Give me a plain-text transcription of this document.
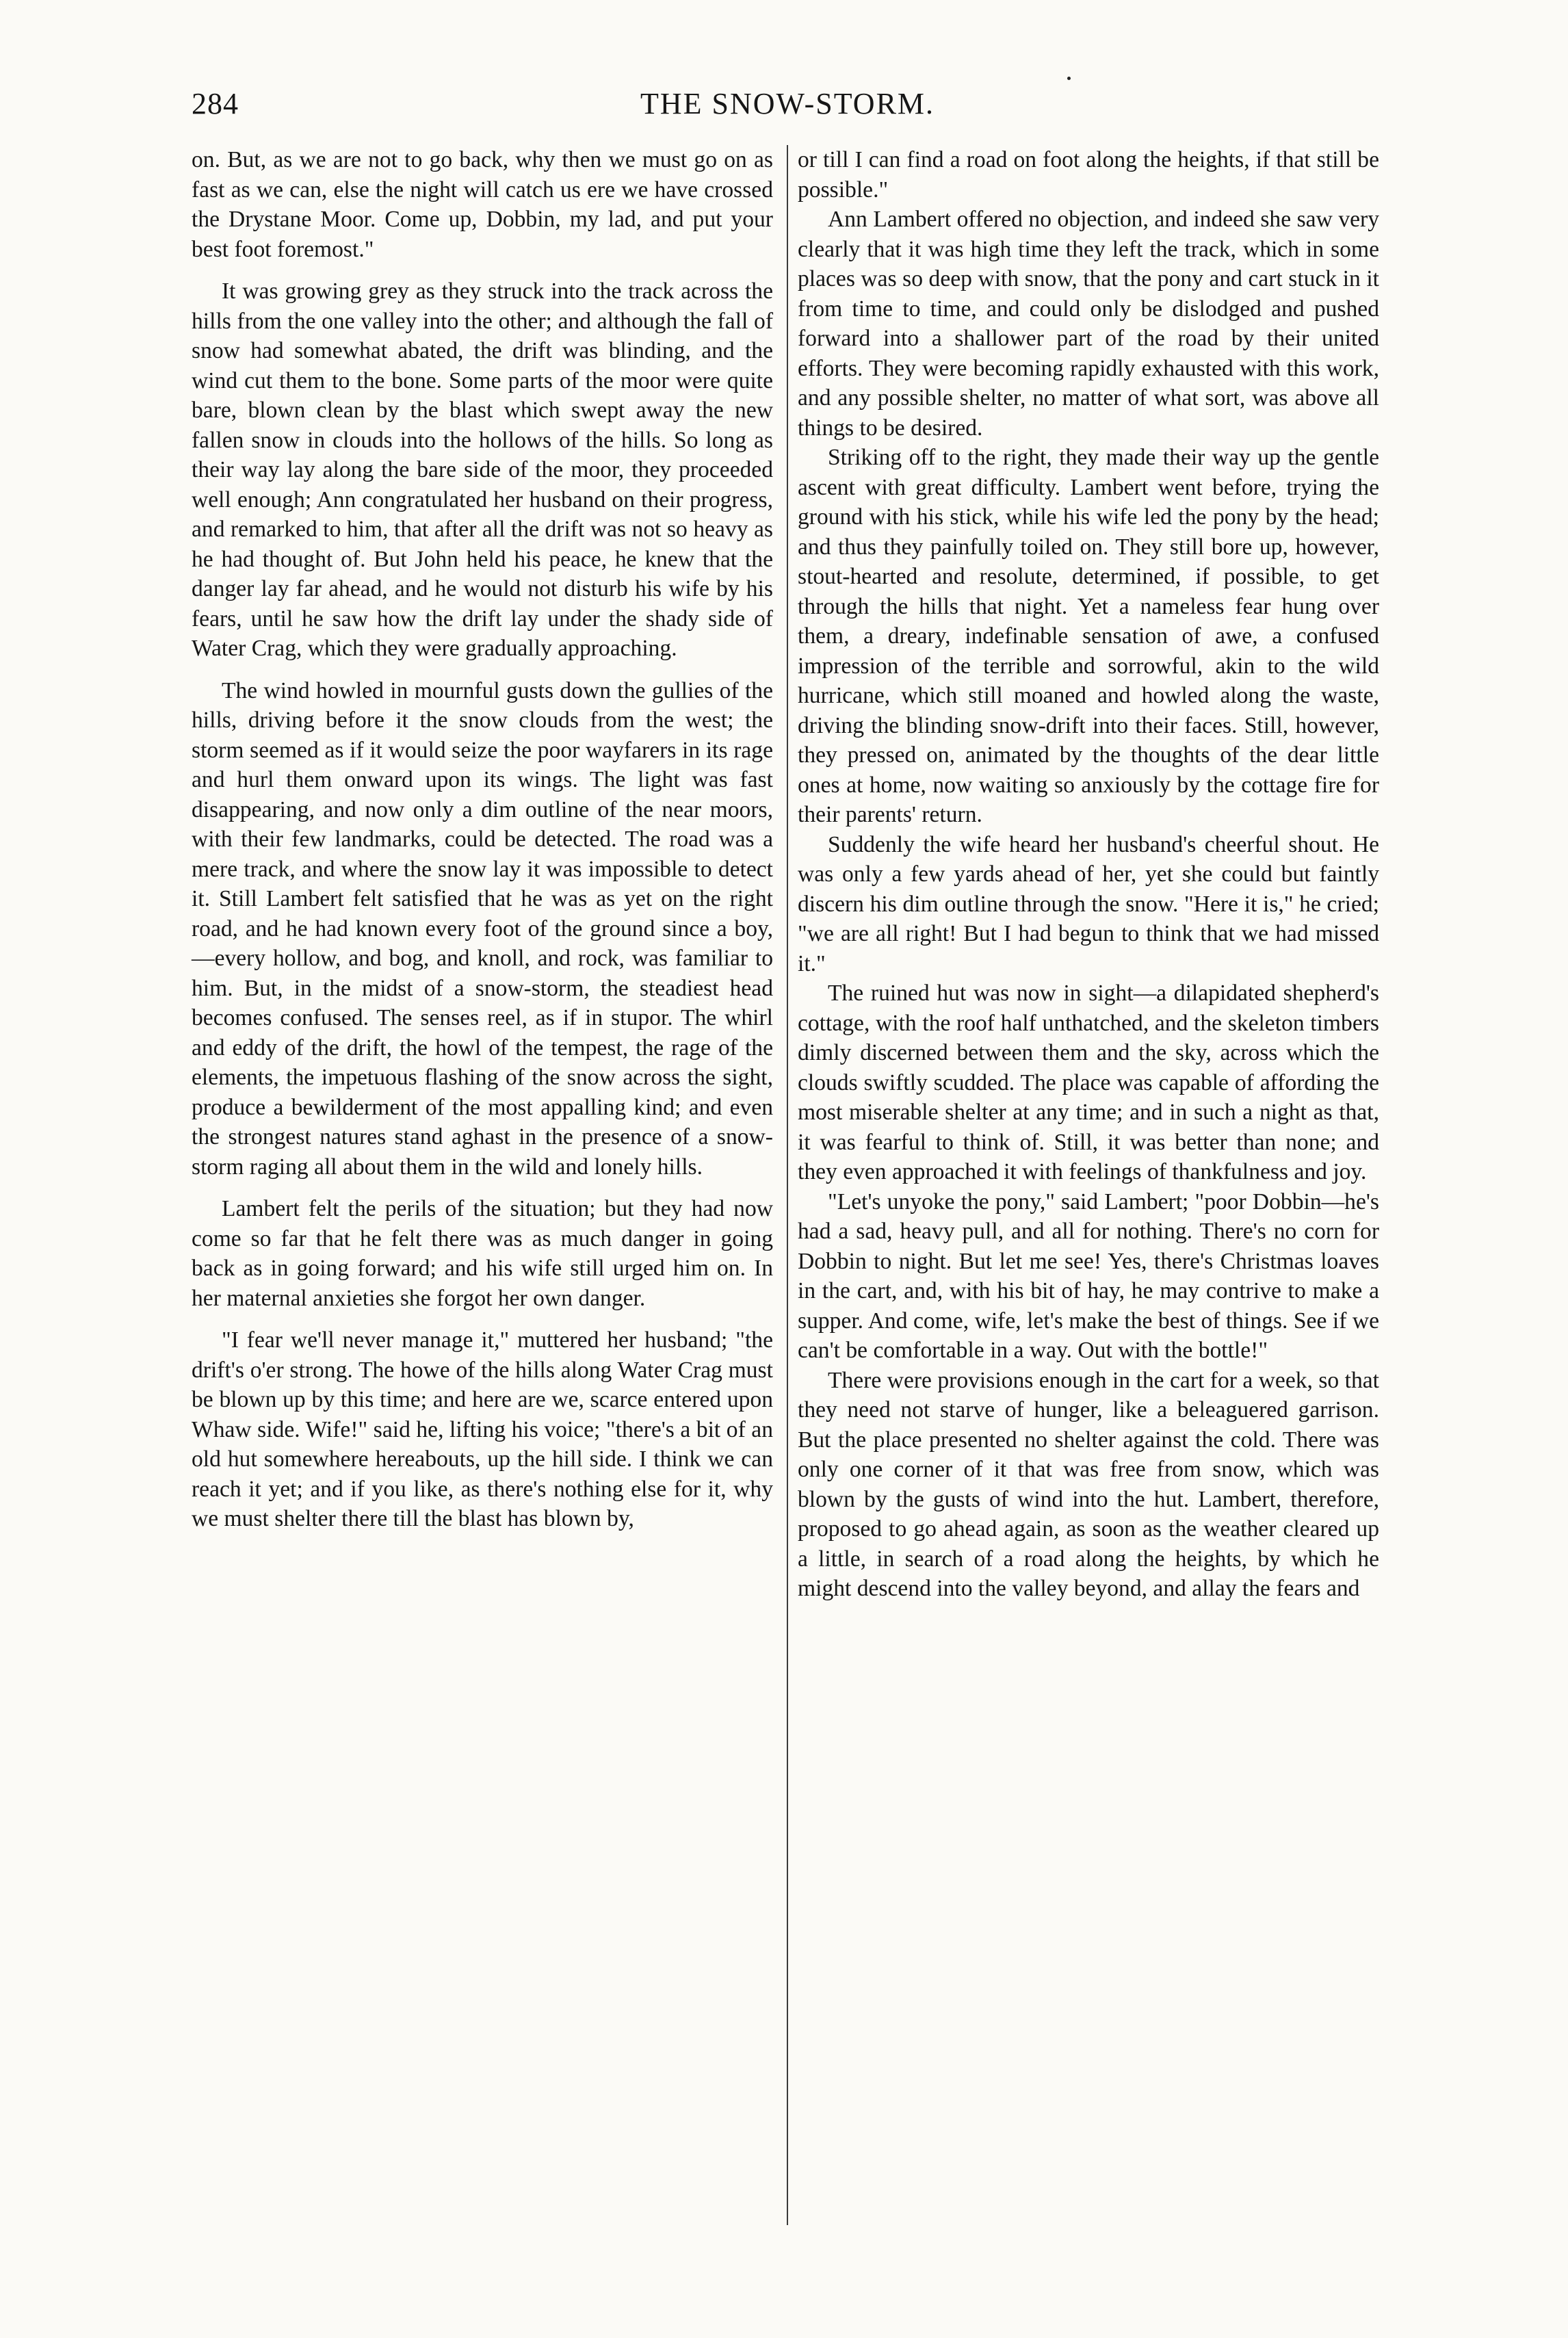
284	THE SNOW-STORM.

on. But, as we are not to go back, why then we must go on as fast as we can, else the night will catch us ere we have crossed the Drystane Moor. Come up, Dobbin, my lad, and put your best foot foremost."

It was growing grey as they struck into the track across the hills from the one valley into the other; and although the fall of snow had somewhat abated, the drift was blinding, and the wind cut them to the bone. Some parts of the moor were quite bare, blown clean by the blast which swept away the new fallen snow in clouds into the hollows of the hills. So long as their way lay along the bare side of the moor, they proceeded well enough; Ann congratulated her husband on their progress, and remarked to him, that after all the drift was not so heavy as he had thought of. But John held his peace, he knew that the danger lay far ahead, and he would not disturb his wife by his fears, until he saw how the drift lay under the shady side of Water Crag, which they were gradually approaching.

The wind howled in mournful gusts down the gullies of the hills, driving before it the snow clouds from the west; the storm seemed as if it would seize the poor wayfarers in its rage and hurl them onward upon its wings. The light was fast disappearing, and now only a dim outline of the near moors, with their few landmarks, could be detected. The road was a mere track, and where the snow lay it was impossible to detect it. Still Lambert felt satisfied that he was as yet on the right road, and he had known every foot of the ground since a boy,—every hollow, and bog, and knoll, and rock, was familiar to him. But, in the midst of a snow-storm, the steadiest head becomes confused. The senses reel, as if in stupor. The whirl and eddy of the drift, the howl of the tempest, the rage of the elements, the impetuous flashing of the snow across the sight, produce a bewilderment of the most appalling kind; and even the strongest natures stand aghast in the presence of a snow-storm raging all about them in the wild and lonely hills.

Lambert felt the perils of the situation; but they had now come so far that he felt there was as much danger in going back as in going forward; and his wife still urged him on. In her maternal anxieties she forgot her own danger.

"I fear we'll never manage it," muttered her husband; "the drift's o'er strong. The howe of the hills along Water Crag must be blown up by this time; and here are we, scarce entered upon Whaw side. Wife!" said he, lifting his voice; "there's a bit of an old hut somewhere hereabouts, up the hill side. I think we can reach it yet; and if you like, as there's nothing else for it, why we must shelter there till the blast has blown by,

or till I can find a road on foot along the heights, if that still be possible."

Ann Lambert offered no objection, and indeed she saw very clearly that it was high time they left the track, which in some places was so deep with snow, that the pony and cart stuck in it from time to time, and could only be dislodged and pushed forward into a shallower part of the road by their united efforts. They were becoming rapidly exhausted with this work, and any possible shelter, no matter of what sort, was above all things to be desired.

Striking off to the right, they made their way up the gentle ascent with great difficulty. Lambert went before, trying the ground with his stick, while his wife led the pony by the head; and thus they painfully toiled on. They still bore up, however, stout-hearted and resolute, determined, if possible, to get through the hills that night. Yet a nameless fear hung over them, a dreary, indefinable sensation of awe, a confused impression of the terrible and sorrowful, akin to the wild hurricane, which still moaned and howled along the waste, driving the blinding snow-drift into their faces. Still, however, they pressed on, animated by the thoughts of the dear little ones at home, now waiting so anxiously by the cottage fire for their parents' return.

Suddenly the wife heard her husband's cheerful shout. He was only a few yards ahead of her, yet she could but faintly discern his dim outline through the snow. "Here it is," he cried; "we are all right! But I had begun to think that we had missed it."

The ruined hut was now in sight—a dilapidated shepherd's cottage, with the roof half unthatched, and the skeleton timbers dimly discerned between them and the sky, across which the clouds swiftly scudded. The place was capable of affording the most miserable shelter at any time; and in such a night as that, it was fearful to think of. Still, it was better than none; and they even approached it with feelings of thankfulness and joy.

"Let's unyoke the pony," said Lambert; "poor Dobbin—he's had a sad, heavy pull, and all for nothing. There's no corn for Dobbin to night. But let me see! Yes, there's Christmas loaves in the cart, and, with his bit of hay, he may contrive to make a supper. And come, wife, let's make the best of things. See if we can't be comfortable in a way. Out with the bottle!"

There were provisions enough in the cart for a week, so that they need not starve of hunger, like a beleaguered garrison. But the place presented no shelter against the cold. There was only one corner of it that was free from snow, which was blown by the gusts of wind into the hut. Lambert, therefore, proposed to go ahead again, as soon as the weather cleared up a little, in search of a road along the heights, by which he might descend into the valley beyond, and allay the fears and
